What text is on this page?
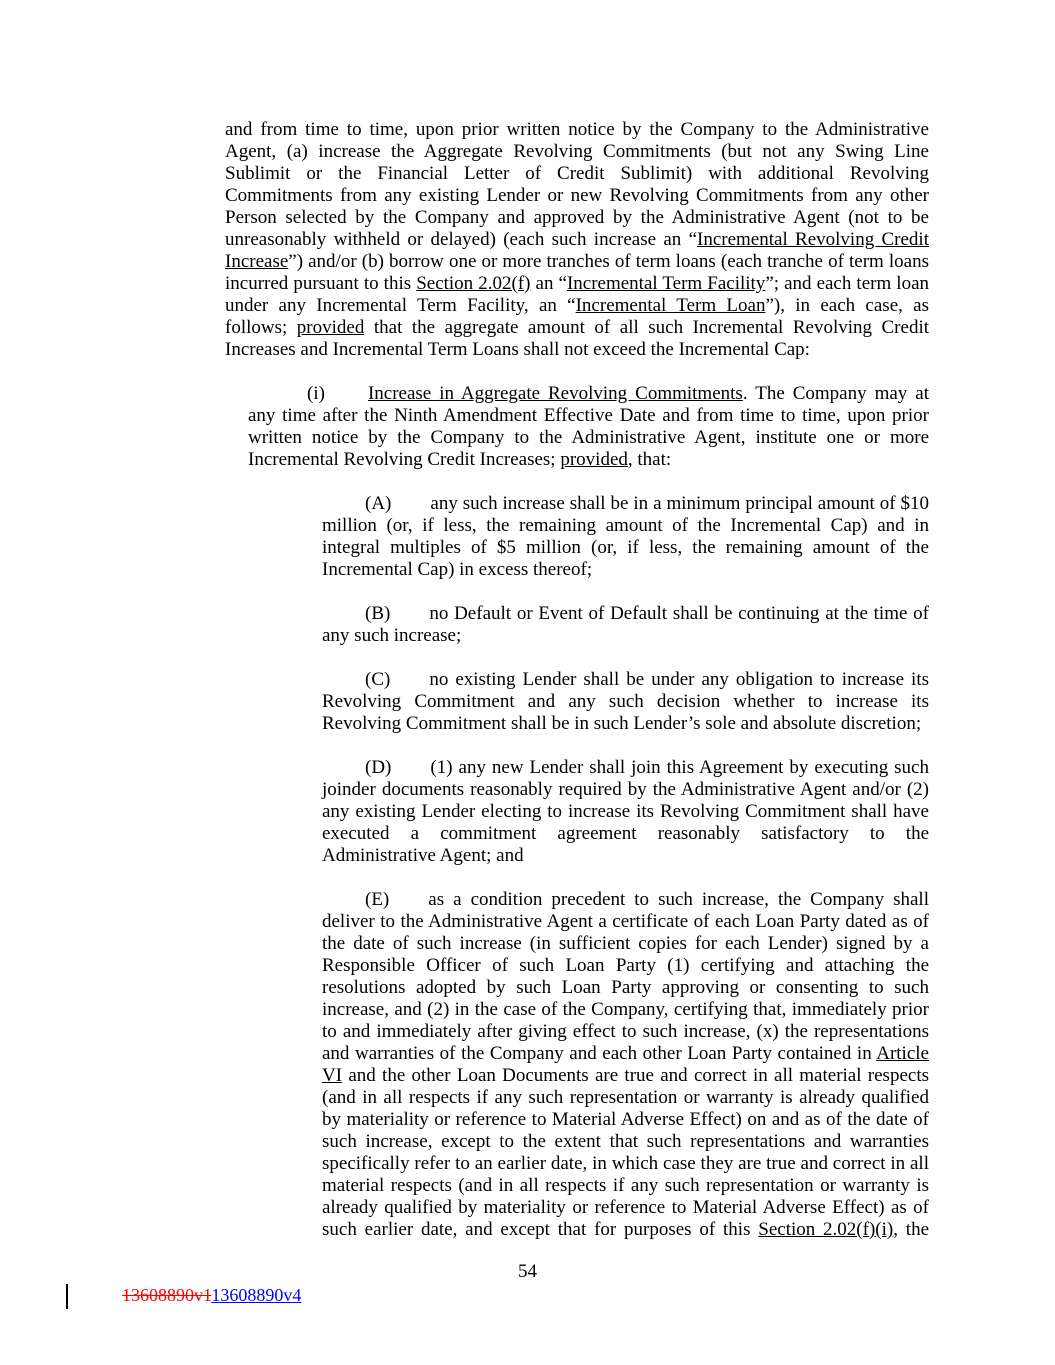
and from time to time, upon prior written notice by the Company to the Administrative Agent, (a) increase the Aggregate Revolving Commitments (but not any Swing Line Sublimit or the Financial Letter of Credit Sublimit) with additional Revolving Commitments from any existing Lender or new Revolving Commitments from any other Person selected by the Company and approved by the Administrative Agent (not to be unreasonably withheld or delayed) (each such increase an “Incremental Revolving Credit Increase”) and/or (b) borrow one or more tranches of term loans (each tranche of term loans incurred pursuant to this Section 2.02(f) an “Incremental Term Facility”; and each term loan under any Incremental Term Facility, an “Incremental Term Loan”), in each case, as follows; provided that the aggregate amount of all such Incremental Revolving Credit Increases and Incremental Term Loans shall not exceed the Incremental Cap:

(i) Increase in Aggregate Revolving Commitments. The Company may at any time after the Ninth Amendment Effective Date and from time to time, upon prior written notice by the Company to the Administrative Agent, institute one or more Incremental Revolving Credit Increases; provided, that:

(A) any such increase shall be in a minimum principal amount of $10 million (or, if less, the remaining amount of the Incremental Cap) and in integral multiples of $5 million (or, if less, the remaining amount of the Incremental Cap) in excess thereof;

(B) no Default or Event of Default shall be continuing at the time of any such increase;

(C) no existing Lender shall be under any obligation to increase its Revolving Commitment and any such decision whether to increase its Revolving Commitment shall be in such Lender’s sole and absolute discretion;

(D) (1) any new Lender shall join this Agreement by executing such joinder documents reasonably required by the Administrative Agent and/or (2) any existing Lender electing to increase its Revolving Commitment shall have executed a commitment agreement reasonably satisfactory to the Administrative Agent; and

(E) as a condition precedent to such increase, the Company shall deliver to the Administrative Agent a certificate of each Loan Party dated as of the date of such increase (in sufficient copies for each Lender) signed by a Responsible Officer of such Loan Party (1) certifying and attaching the resolutions adopted by such Loan Party approving or consenting to such increase, and (2) in the case of the Company, certifying that, immediately prior to and immediately after giving effect to such increase, (x) the representations and warranties of the Company and each other Loan Party contained in Article VI and the other Loan Documents are true and correct in all material respects (and in all respects if any such representation or warranty is already qualified by materiality or reference to Material Adverse Effect) on and as of the date of such increase, except to the extent that such representations and warranties specifically refer to an earlier date, in which case they are true and correct in all material respects (and in all respects if any such representation or warranty is already qualified by materiality or reference to Material Adverse Effect) as of such earlier date, and except that for purposes of this Section 2.02(f)(i), the

54
13608890v113608890v4
